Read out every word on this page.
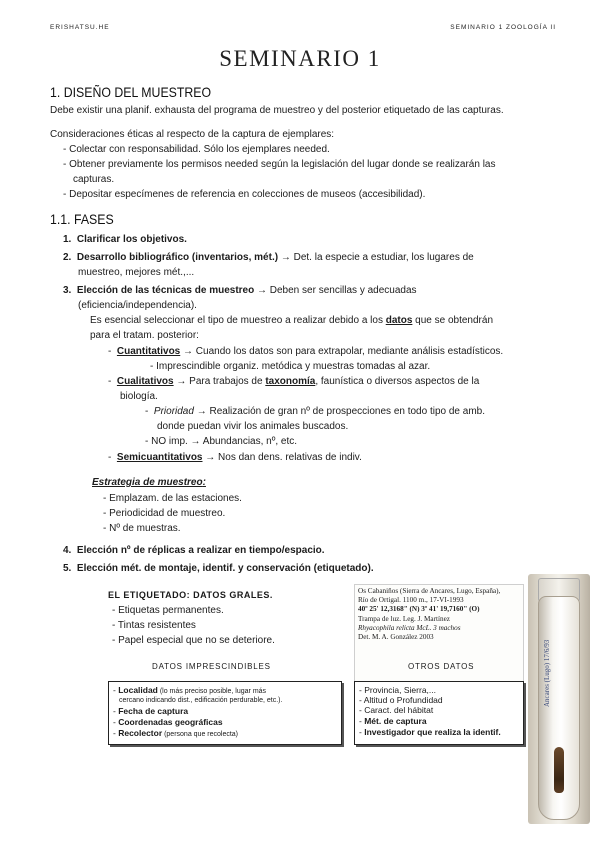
ERISHATSU.HE	SEMINARIO 1 ZOOLOGÍA II
SEMINARIO 1
1. DISEÑO DEL MUESTREO
Debe existir una planif. exhausta del programa de muestreo y del posterior etiquetado de las capturas.
Consideraciones éticas al respecto de la captura de ejemplares:
- Colectar con responsabilidad. Sólo los ejemplares needed.
- Obtener previamente los permisos needed según la legislación del lugar donde se realizarán las
capturas.
- Depositar especímenes de referencia en colecciones de museos (accesibilidad).
1.1. FASES
1. Clarificar los objetivos.
2. Desarrollo bibliográfico (inventarios, mét.) → Det. la especie a estudiar, los lugares de
muestreo, mejores mét.,...
3. Elección de las técnicas de muestreo → Deben ser sencillas y adecuadas
(eficiencia/independencia).
Es esencial seleccionar el tipo de muestreo a realizar debido a los datos que se obtendrán
para el tratam. posterior:
- Cuantitativos → Cuando los datos son para extrapolar, mediante análisis estadísticos.
- Imprescindible organiz. metódica y muestras tomadas al azar.
- Cualitativos → Para trabajos de taxonomía, faunística o diversos aspectos de la
biología.
- Prioridad → Realización de gran nº de prospecciones en todo tipo de amb.
donde puedan vivir los animales buscados.
- NO imp. → Abundancias, nº, etc.
- Semicuantitativos → Nos dan dens. relativas de indiv.
Estrategia de muestreo:
- Emplazam. de las estaciones.
- Periodicidad de muestreo.
- Nº de muestras.
4. Elección nº de réplicas a realizar en tiempo/espacio.
5. Elección mét. de montaje, identif. y conservación (etiquetado).
EL ETIQUETADO: DATOS GRALES.
- Etiquetas permanentes.
- Tintas resistentes
- Papel especial que no se deteriore.
Os Cabaniños (Sierra de Ancares, Lugo, España),
Río de Ortigal. 1100 m., 17-VI-1993
40º 25' 12,3168" (N) 3º 41' 19,7160" (O)
Trampa de luz. Leg. J. Martínez
Rhyacophila relicta McL. 3 machos
Det. M. A. González 2003
Ancares (Lugo) 17/6/93
DATOS IMPRESCINDIBLES
- Localidad (lo más preciso posible, lugar más
cercano indicando dist., edificación perdurable, etc.).
- Fecha de captura
- Coordenadas geográficas
- Recolector (persona que recolecta)
OTROS DATOS
- Provincia, Sierra,...
- Altitud o Profundidad
- Caract. del hábitat
- Mét. de captura
- Investigador que realiza la identif.
